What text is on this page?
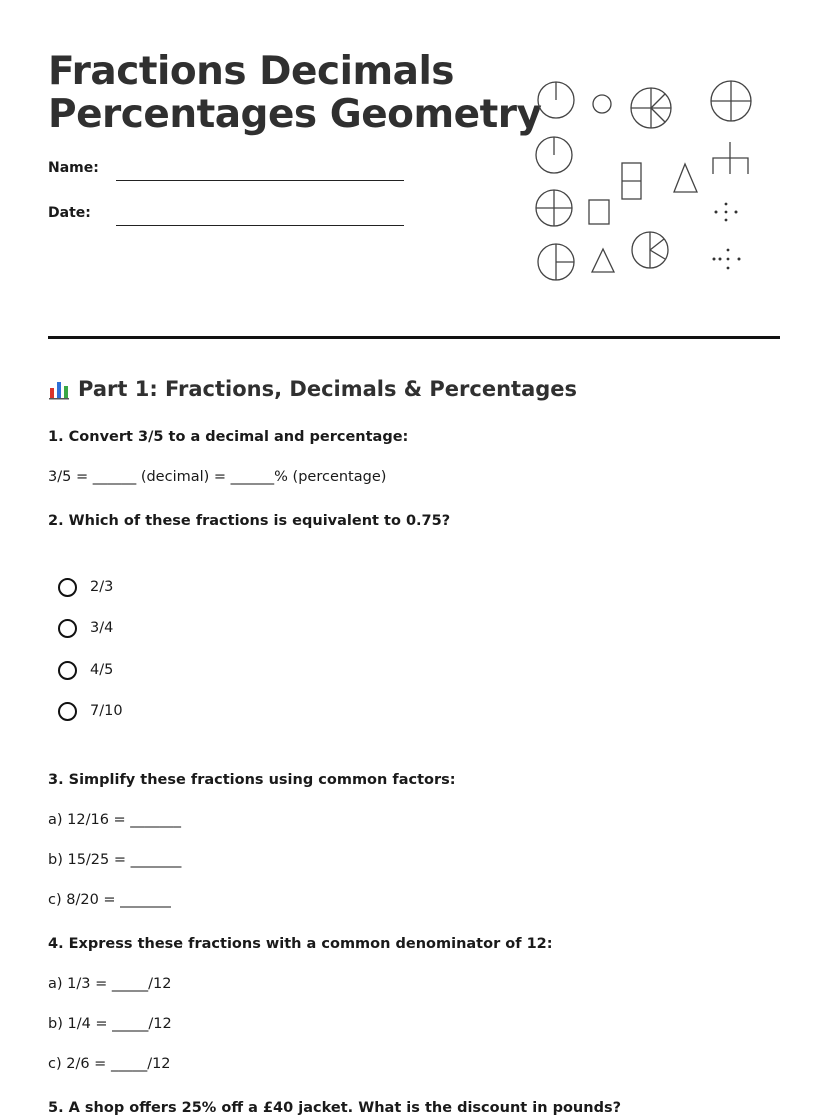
Fractions Decimals
Percentages Geometry
Name:
Date:
Part 1: Fractions, Decimals & Percentages
1. Convert 3/5 to a decimal and percentage:
3/5 = ______ (decimal) = ______% (percentage)
2. Which of these fractions is equivalent to 0.75?
2/3
3/4
4/5
7/10
3. Simplify these fractions using common factors:
a) 12/16 = _______
b) 15/25 = _______
c) 8/20 = _______
4. Express these fractions with a common denominator of 12:
a) 1/3 = _____/12
b) 1/4 = _____/12
c) 2/6 = _____/12
5. A shop offers 25% off a £40 jacket. What is the discount in pounds?
